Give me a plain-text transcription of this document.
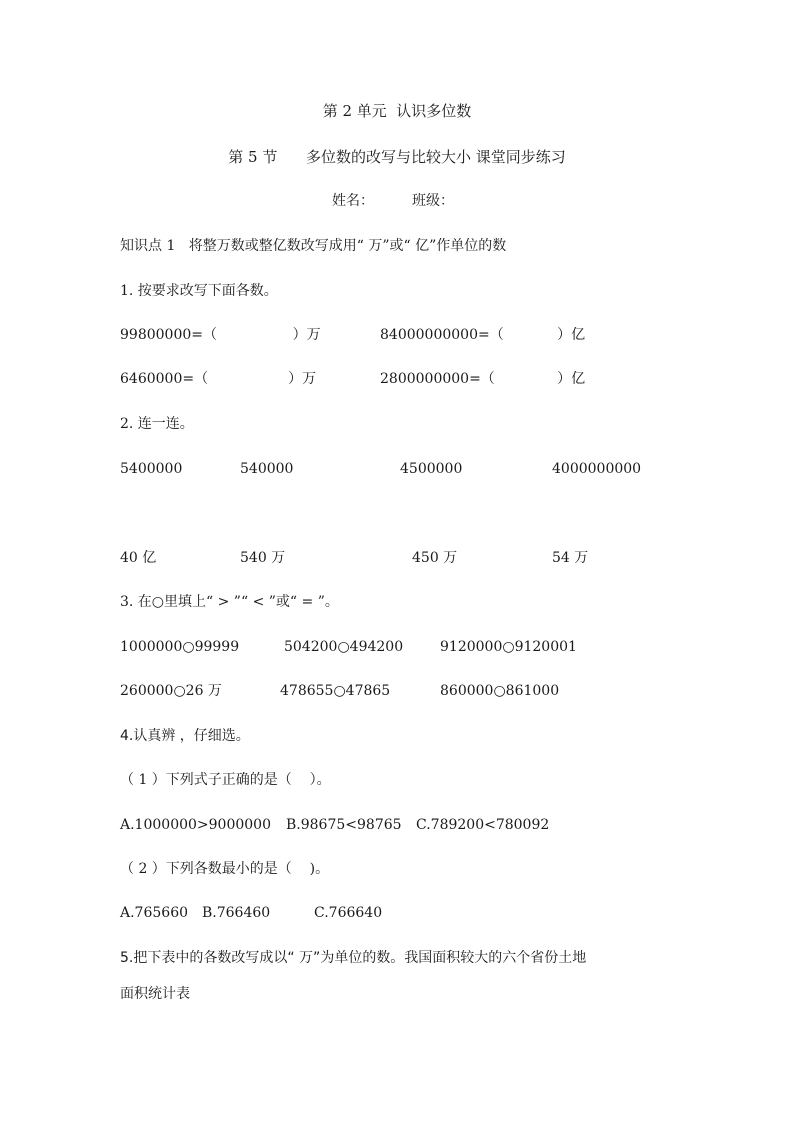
第 2 单元  认识多位数
第 5 节      多位数的改写与比较大小 课堂同步练习
姓名：	班级：
知识点 1   将整万数或整亿数改写成用“ 万”或“ 亿”作单位的数
1. 按要求改写下面各数。
99800000=（                 ）万	84000000000=（            ）亿
6460000=（                  ）万	2800000000=（              ）亿
2. 连一连。
5400000	540000	4500000	4000000000
40 亿	540 万	450 万	54 万
3. 在○里填上“ > ”“ < ”或“ = ”。
1000000○99999	504200○494200	9120000○9120001
260000○26 万	478655○47865	860000○861000
4.认真辨 ，仔细选。
（ 1 ）下列式子正确的是（    ）。
A.1000000>9000000 B.98675<98765 C.789200<780092
（ 2 ）下列各数最小的是（    )。
A.765660 B.766460	C.766640
5.把下表中的各数改写成以“ 万”为单位的数。我国面积较大的六个省份土地
面积统计表
